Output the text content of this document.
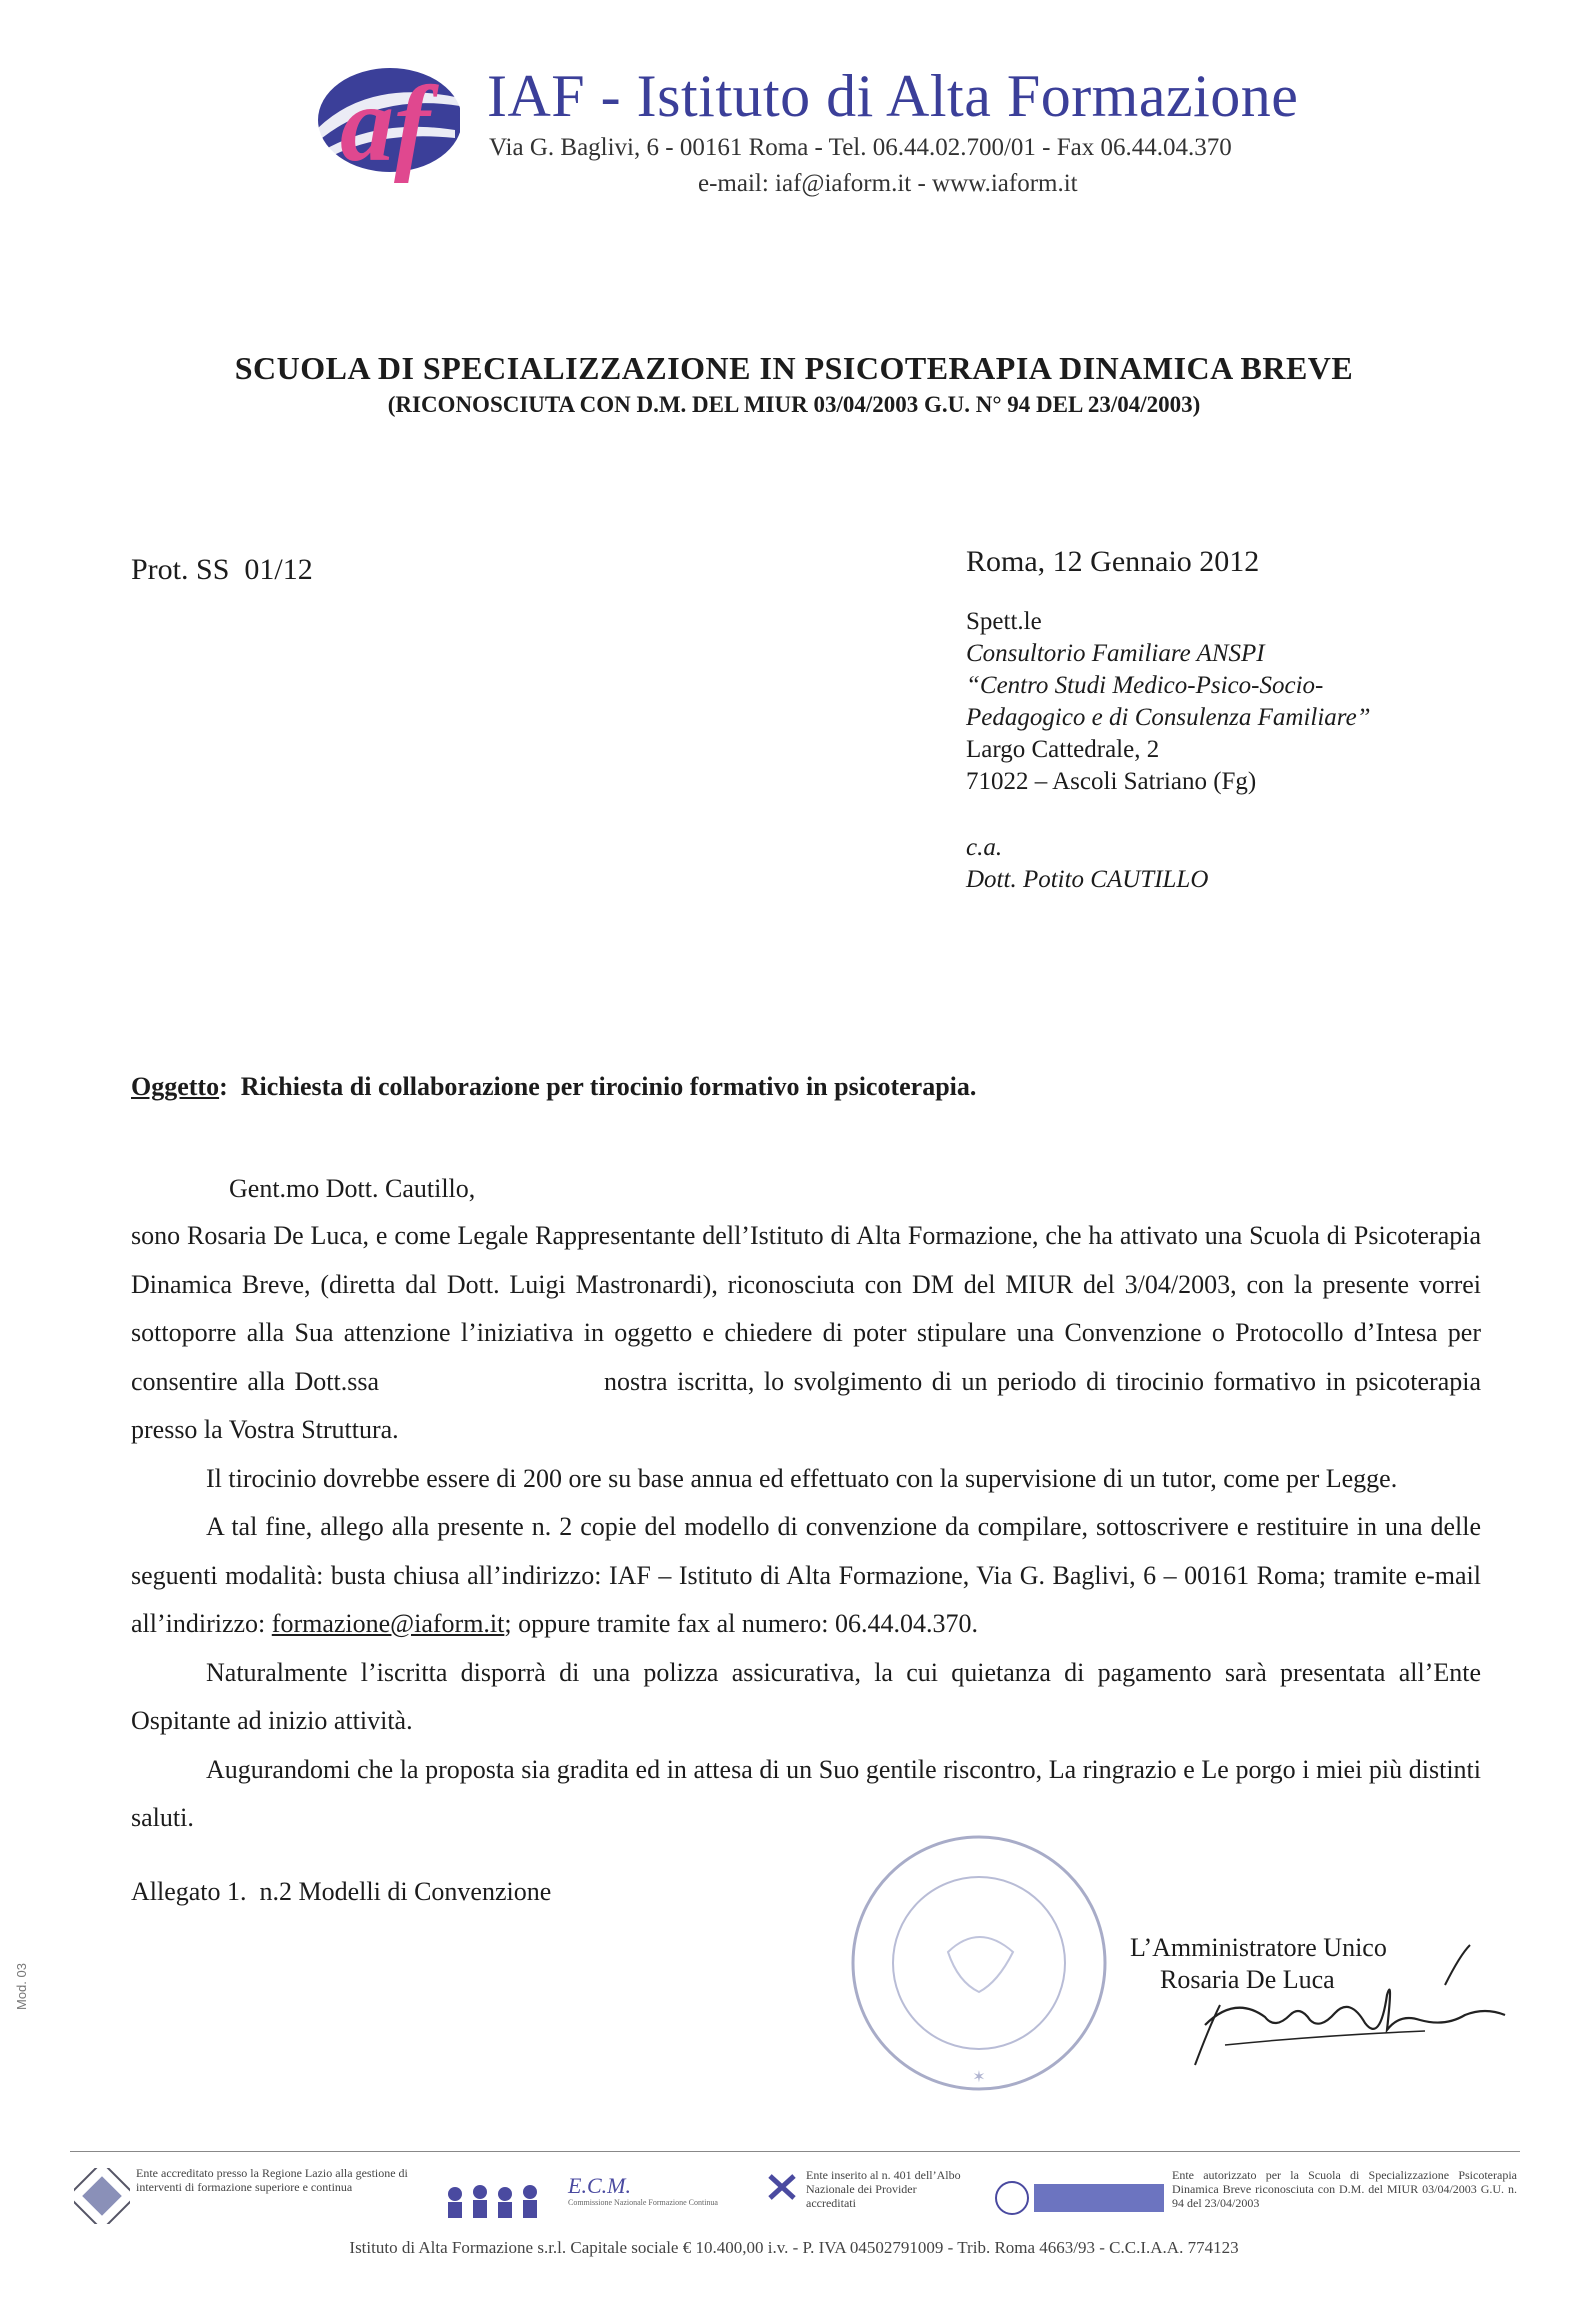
af IAF - Istituto di Alta Formazione
Via G. Baglivi, 6 - 00161 Roma - Tel. 06.44.02.700/01 - Fax 06.44.04.370
e-mail: iaf@iaform.it - www.iaform.it
SCUOLA DI SPECIALIZZAZIONE IN PSICOTERAPIA DINAMICA BREVE
(RICONOSCIUTA CON D.M. DEL MIUR 03/04/2003 G.U. N° 94 DEL 23/04/2003)
Prot. SS  01/12	Roma, 12 Gennaio 2012
Spett.le
Consultorio Familiare ANSPI
“Centro Studi Medico-Psico-Socio-
Pedagogico e di Consulenza Familiare”
Largo Cattedrale, 2
71022 – Ascoli Satriano (Fg)
c.a.
Dott. Potito CAUTILLO
Oggetto: Richiesta di collaborazione per tirocinio formativo in psicoterapia.
Gent.mo Dott. Cautillo,

sono Rosaria De Luca, e come Legale Rappresentante dell’Istituto di Alta Formazione, che ha attivato una Scuola di Psicoterapia Dinamica Breve, (diretta dal Dott. Luigi Mastronardi), riconosciuta con DM del MIUR del 3/04/2003, con la presente vorrei sottoporre alla Sua attenzione l’iniziativa in oggetto e chiedere di poter stipulare una Convenzione o Protocollo d’Intesa per consentire alla Dott.ssa	nostra iscritta, lo svolgimento di un periodo di tirocinio formativo in psicoterapia presso la Vostra Struttura.

Il tirocinio dovrebbe essere di 200 ore su base annua ed effettuato con la supervisione di un tutor, come per Legge.

A tal fine, allego alla presente n. 2 copie del modello di convenzione da compilare, sottoscrivere e restituire in una delle seguenti modalità: busta chiusa all’indirizzo: IAF – Istituto di Alta Formazione, Via G. Baglivi, 6 – 00161 Roma; tramite e-mail all’indirizzo: formazione@iaform.it; oppure tramite fax al numero: 06.44.04.370.

Naturalmente l’iscritta disporrà di una polizza assicurativa, la cui quietanza di pagamento sarà presentata all’Ente Ospitante ad inizio attività.

Augurandomi che la proposta sia gradita ed in attesa di un Suo gentile riscontro, La ringrazio e Le porgo i miei più distinti saluti.

Allegato 1.  n.2 Modelli di Convenzione
✶
L’Amministratore Unico
Rosaria De Luca
Mod. 03
Ente accreditato presso la Regione Lazio alla gestione di interventi di formazione superiore e continua	E.C.M.
Commissione Nazionale Formazione Continua
Ente inserito al n. 401 dell’Albo Nazionale dei Provider accreditati
Ente autorizzato per la Scuola di Specializzazione Psicoterapia Dinamica Breve riconosciuta con D.M. del MIUR 03/04/2003 G.U. n. 94 del 23/04/2003
Istituto di Alta Formazione s.r.l. Capitale sociale € 10.400,00 i.v. - P. IVA 04502791009 - Trib. Roma 4663/93 - C.C.I.A.A. 774123
